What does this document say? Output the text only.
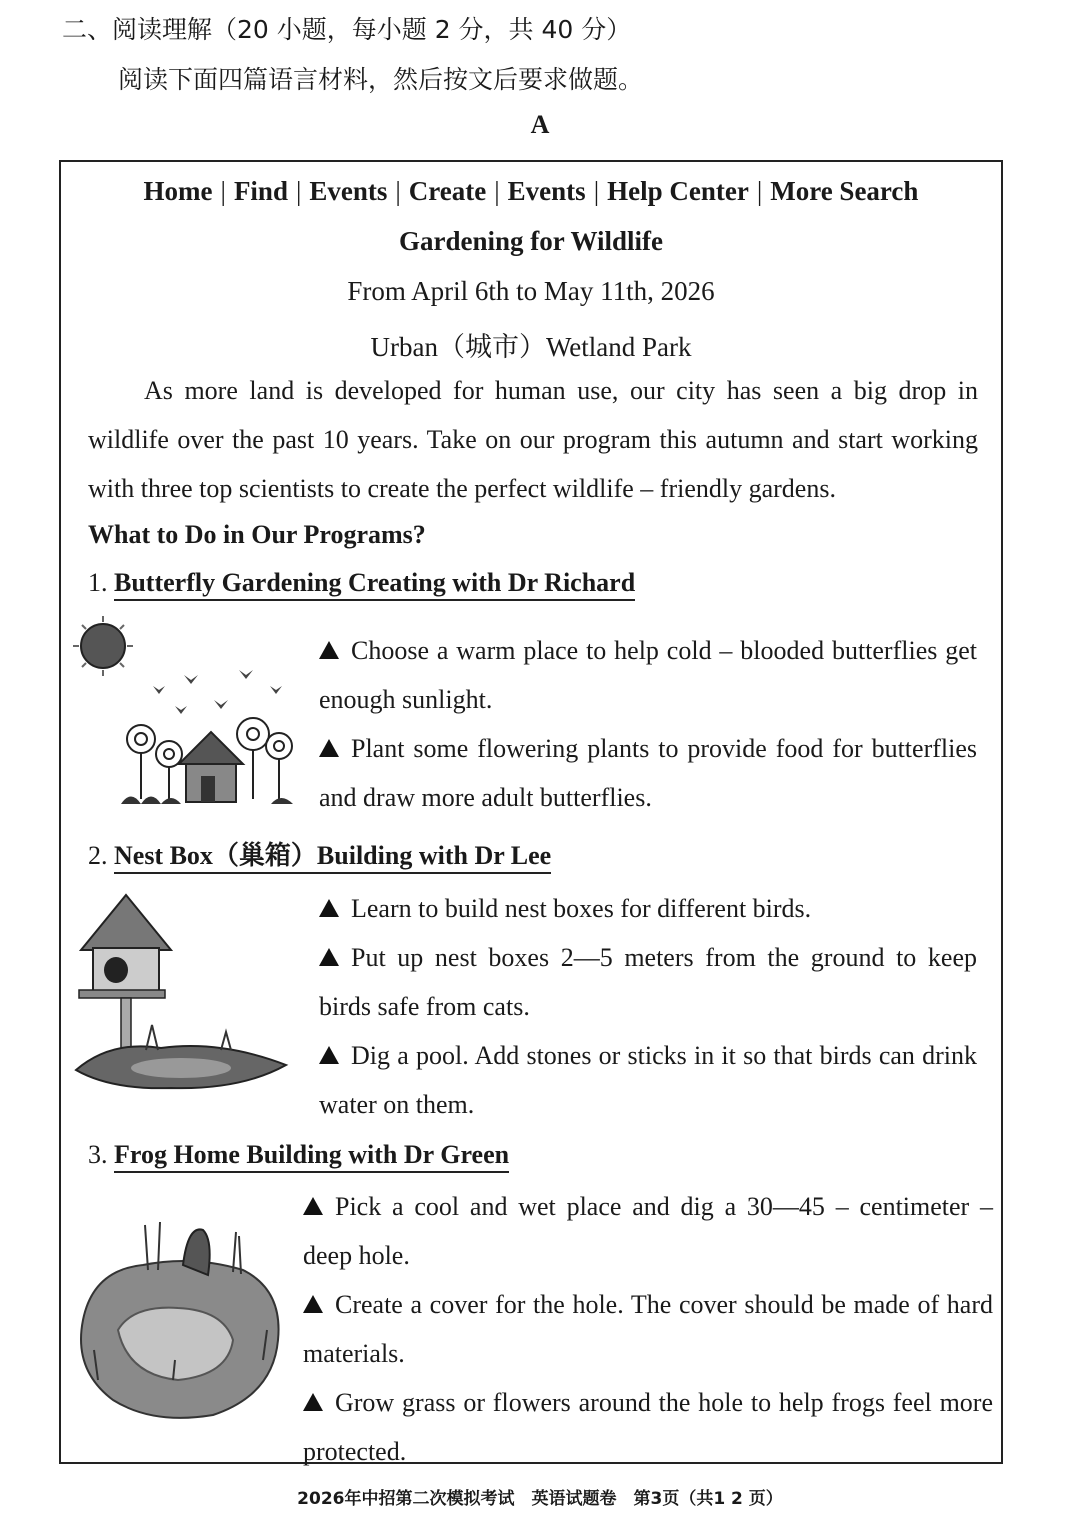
二、阅读理解（20 小题，每小题 2 分，共 40 分）
阅读下面四篇语言材料，然后按文后要求做题。
A
Home | Find | Events | Create | Events | Help Center | More Search
Gardening for Wildlife
From April 6th to May 11th, 2026
Urban（城市）Wetland Park
As more land is developed for human use, our city has seen a big drop in wildlife over the past 10 years. Take on our program this autumn and start working with three top scientists to create the perfect wildlife – friendly gardens.
What to Do in Our Programs?
1. Butterfly Gardening Creating with Dr Richard

Choose a warm place to help cold – blooded butterflies get enough sunlight.

Plant some flowering plants to provide food for butterflies and draw more adult butterflies.

2. Nest Box（巢箱）Building with Dr Lee

Learn to build nest boxes for different birds.

Put up nest boxes 2—5 meters from the ground to keep birds safe from cats.

Dig a pool. Add stones or sticks in it so that birds can drink water on them.

3. Frog Home Building with Dr Green

Pick a cool and wet place and dig a 30—45 – centimeter – deep hole.

Create a cover for the hole. The cover should be made of hard materials.

Grow grass or flowers around the hole to help frogs feel more protected.

2026年中招第二次模拟考试　英语试题卷　第3页（共1 2 页）
